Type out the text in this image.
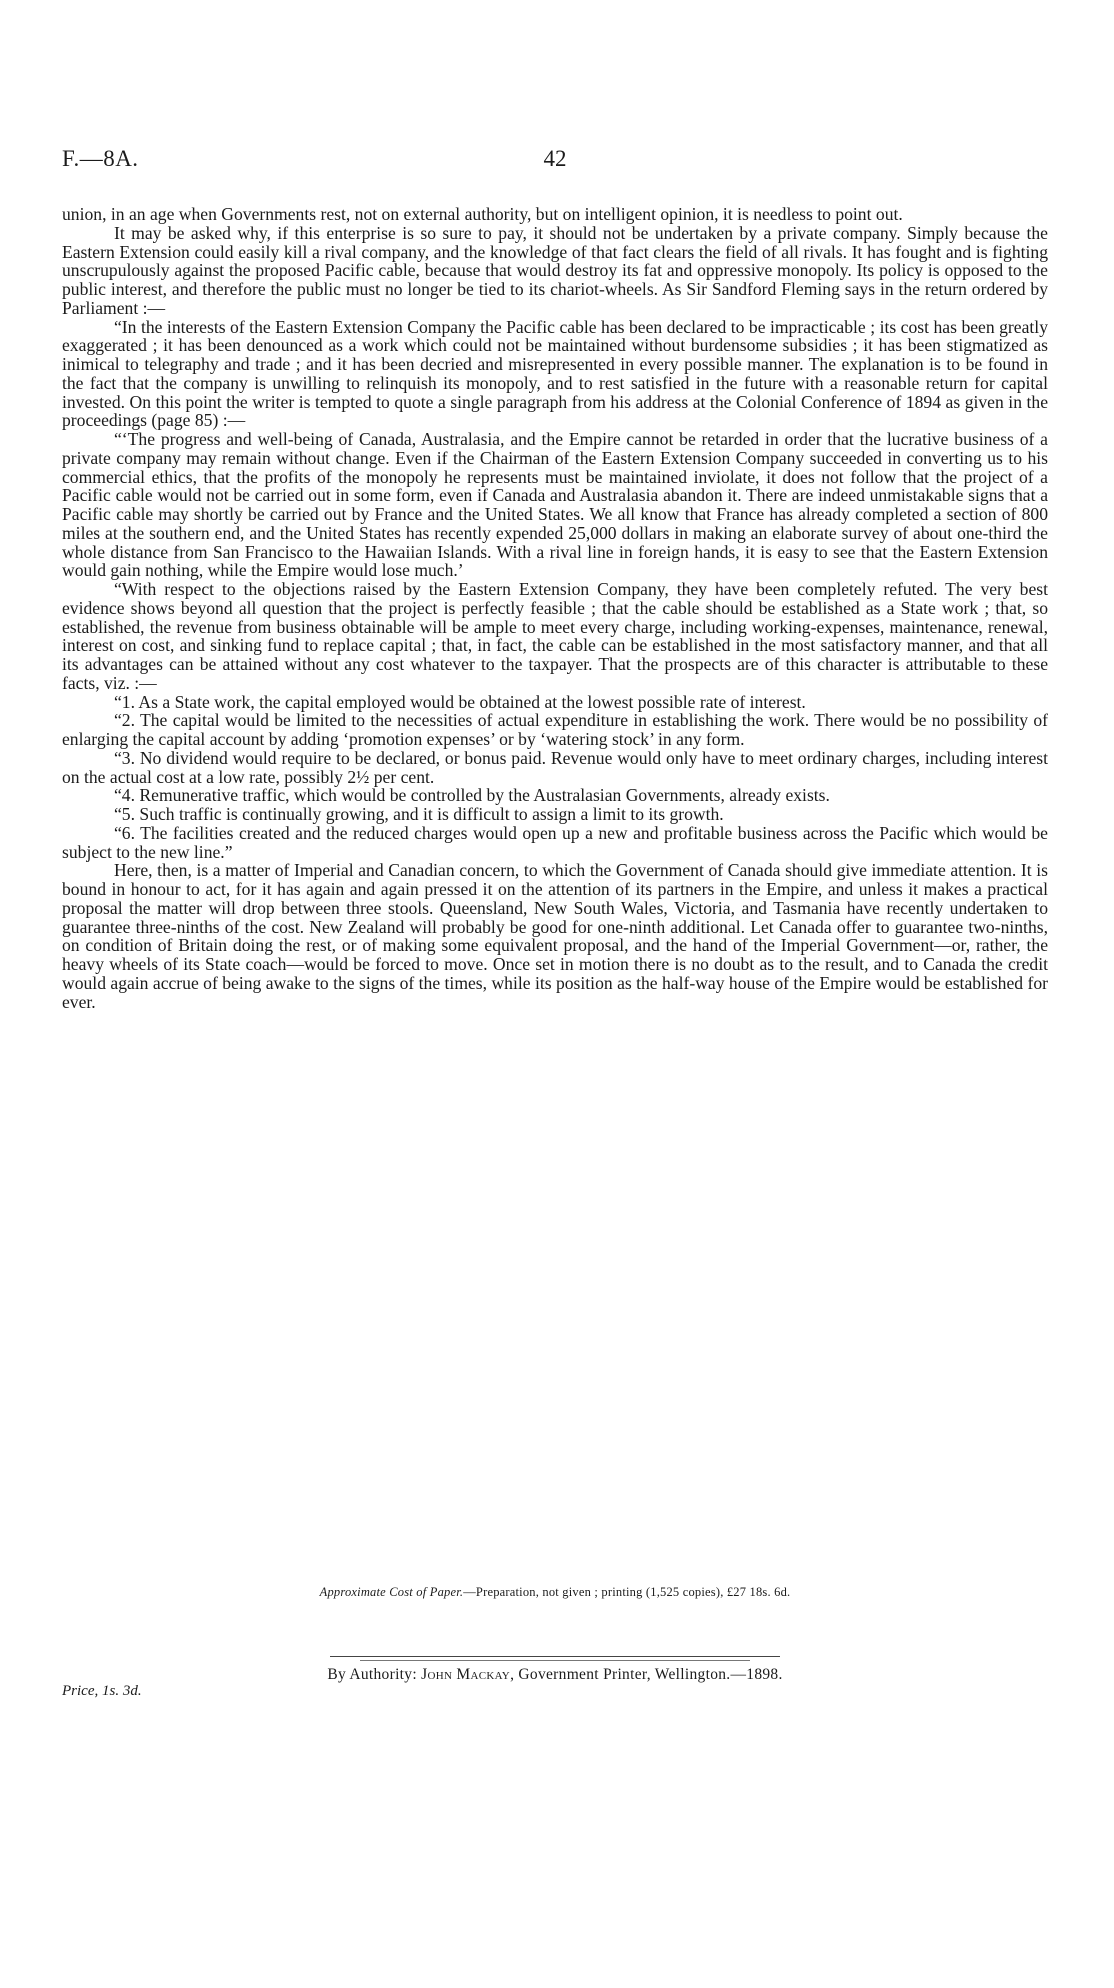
F.—8A.	42

union, in an age when Governments rest, not on external authority, but on intelligent opinion, it is needless to point out.

It may be asked why, if this enterprise is so sure to pay, it should not be undertaken by a private company. Simply because the Eastern Extension could easily kill a rival company, and the knowledge of that fact clears the field of all rivals. It has fought and is fighting unscrupulously against the proposed Pacific cable, because that would destroy its fat and oppressive monopoly. Its policy is opposed to the public interest, and therefore the public must no longer be tied to its chariot-wheels. As Sir Sandford Fleming says in the return ordered by Parliament :—

“In the interests of the Eastern Extension Company the Pacific cable has been declared to be impracticable ; its cost has been greatly exaggerated ; it has been denounced as a work which could not be maintained without burdensome subsidies ; it has been stigmatized as inimical to telegraphy and trade ; and it has been decried and misrepresented in every possible manner. The explanation is to be found in the fact that the company is unwilling to relinquish its monopoly, and to rest satisfied in the future with a reasonable return for capital invested. On this point the writer is tempted to quote a single paragraph from his address at the Colonial Conference of 1894 as given in the proceedings (page 85) :—

“‘The progress and well-being of Canada, Australasia, and the Empire cannot be retarded in order that the lucrative business of a private company may remain without change. Even if the Chairman of the Eastern Extension Company succeeded in converting us to his commercial ethics, that the profits of the monopoly he represents must be maintained inviolate, it does not follow that the project of a Pacific cable would not be carried out in some form, even if Canada and Australasia abandon it. There are indeed unmistakable signs that a Pacific cable may shortly be carried out by France and the United States. We all know that France has already completed a section of 800 miles at the southern end, and the United States has recently expended 25,000 dollars in making an elaborate survey of about one-third the whole distance from San Francisco to the Hawaiian Islands. With a rival line in foreign hands, it is easy to see that the Eastern Extension would gain nothing, while the Empire would lose much.’

“With respect to the objections raised by the Eastern Extension Company, they have been completely refuted. The very best evidence shows beyond all question that the project is perfectly feasible ; that the cable should be established as a State work ; that, so established, the revenue from business obtainable will be ample to meet every charge, including working-expenses, maintenance, renewal, interest on cost, and sinking fund to replace capital ; that, in fact, the cable can be established in the most satisfactory manner, and that all its advantages can be attained without any cost whatever to the taxpayer. That the prospects are of this character is attributable to these facts, viz. :—

“1. As a State work, the capital employed would be obtained at the lowest possible rate of interest.

“2. The capital would be limited to the necessities of actual expenditure in establishing the work. There would be no possibility of enlarging the capital account by adding ‘promotion expenses’ or by ‘watering stock’ in any form.

“3. No dividend would require to be declared, or bonus paid. Revenue would only have to meet ordinary charges, including interest on the actual cost at a low rate, possibly 2½ per cent.

“4. Remunerative traffic, which would be controlled by the Australasian Governments, already exists.

“5. Such traffic is continually growing, and it is difficult to assign a limit to its growth.

“6. The facilities created and the reduced charges would open up a new and profitable business across the Pacific which would be subject to the new line.”

Here, then, is a matter of Imperial and Canadian concern, to which the Government of Canada should give immediate attention. It is bound in honour to act, for it has again and again pressed it on the attention of its partners in the Empire, and unless it makes a practical proposal the matter will drop between three stools. Queensland, New South Wales, Victoria, and Tasmania have recently undertaken to guarantee three-ninths of the cost. New Zealand will probably be good for one-ninth additional. Let Canada offer to guarantee two-ninths, on condition of Britain doing the rest, or of making some equivalent proposal, and the hand of the Imperial Government—or, rather, the heavy wheels of its State coach—would be forced to move. Once set in motion there is no doubt as to the result, and to Canada the credit would again accrue of being awake to the signs of the times, while its position as the half-way house of the Empire would be established for ever.

Approximate Cost of Paper.—Preparation, not given ; printing (1,525 copies), £27 18s. 6d.
By Authority: John Mackay, Government Printer, Wellington.—1898.
Price, 1s. 3d.
